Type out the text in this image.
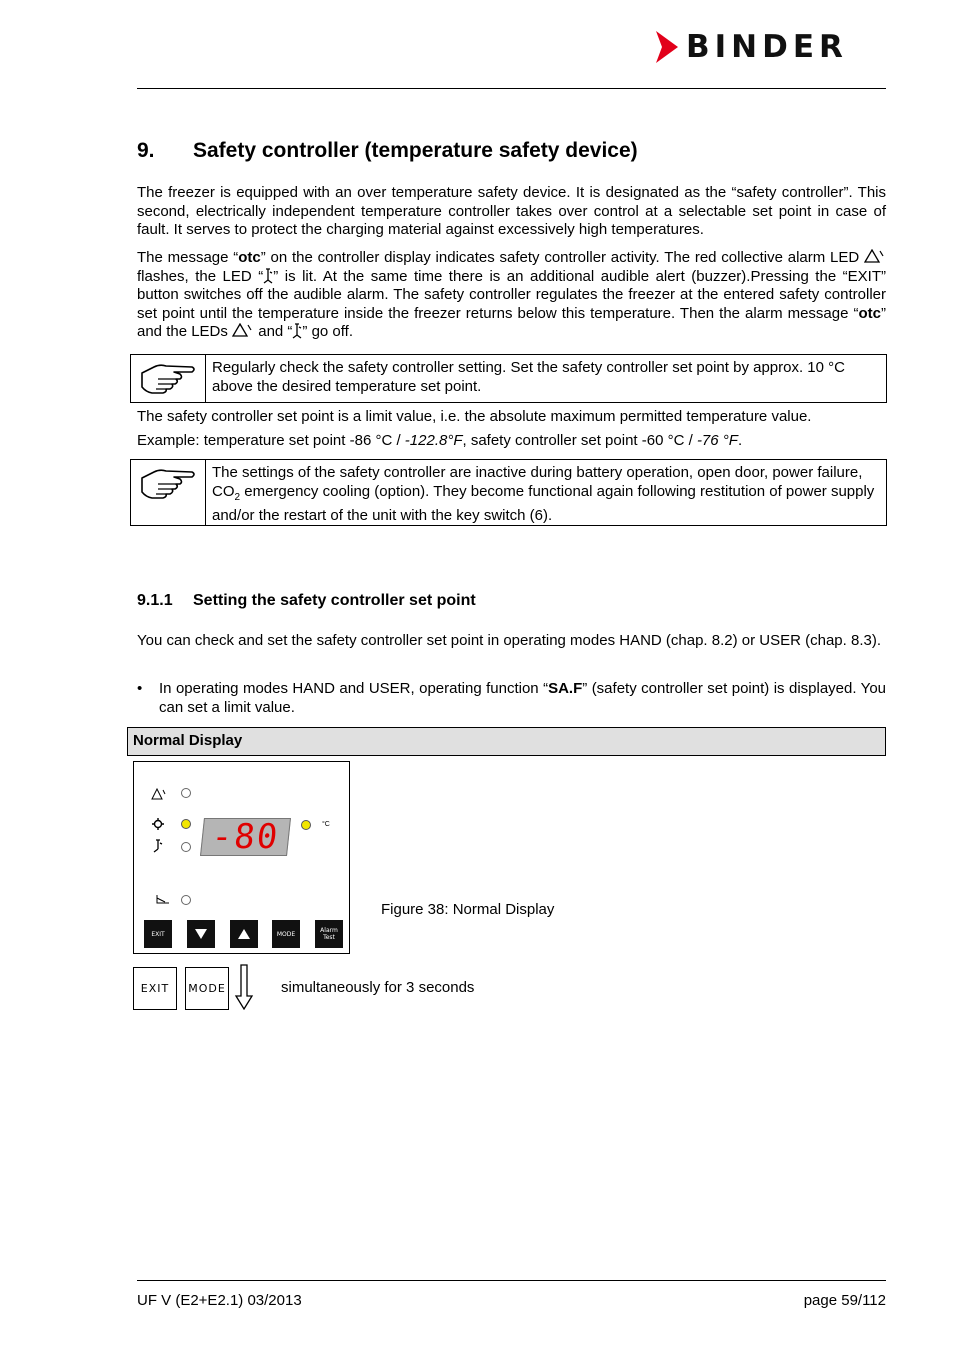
BINDER
9. Safety controller (temperature safety device)

The freezer is equipped with an over temperature safety device. It is designated as the “safety controller”. This second, electrically independent temperature controller takes over control at a selectable set point in case of fault. It serves to protect the charging material against excessively high temperatures.

The message “otc” on the controller display indicates safety controller activity. The red collective alarm LED  flashes, the LED “ ” is lit. At the same time there is an additional audible alert (buzzer).Pressing the “EXIT” button switches off the audible alarm. The safety controller regulates the freezer at the entered safety controller set point until the temperature inside the freezer returns below this temperature. Then the alarm message “otc” and the LEDs  and “ ” go off.

Regularly check the safety controller setting. Set the safety controller set point by approx. 10 °C above the desired temperature set point.

The safety controller set point is a limit value, i.e. the absolute maximum permitted temperature value.

Example: temperature set point -86 °C / -122.8°F, safety controller set point -60 °C / -76 °F.

The settings of the safety controller are inactive during battery operation, open door, power failure, $CO_2$ emergency cooling (option). They become functional again following restitution of power supply and/or the restart of the unit with the key switch (6).
9.1.1 Setting the safety controller set point

You can check and set the safety controller set point in operating modes HAND (chap. 8.2) or USER (chap. 8.3).

•	In operating modes HAND and USER, operating function “SA.F” (safety controller set point) is displayed. You can set a limit value.
Normal Display
-80	°C
EXIT	MODE	Alarm
Test
Figure 38: Normal Display
EXIT	MODE	simultaneously for 3 seconds
UF V (E2+E2.1) 03/2013	page 59/112
